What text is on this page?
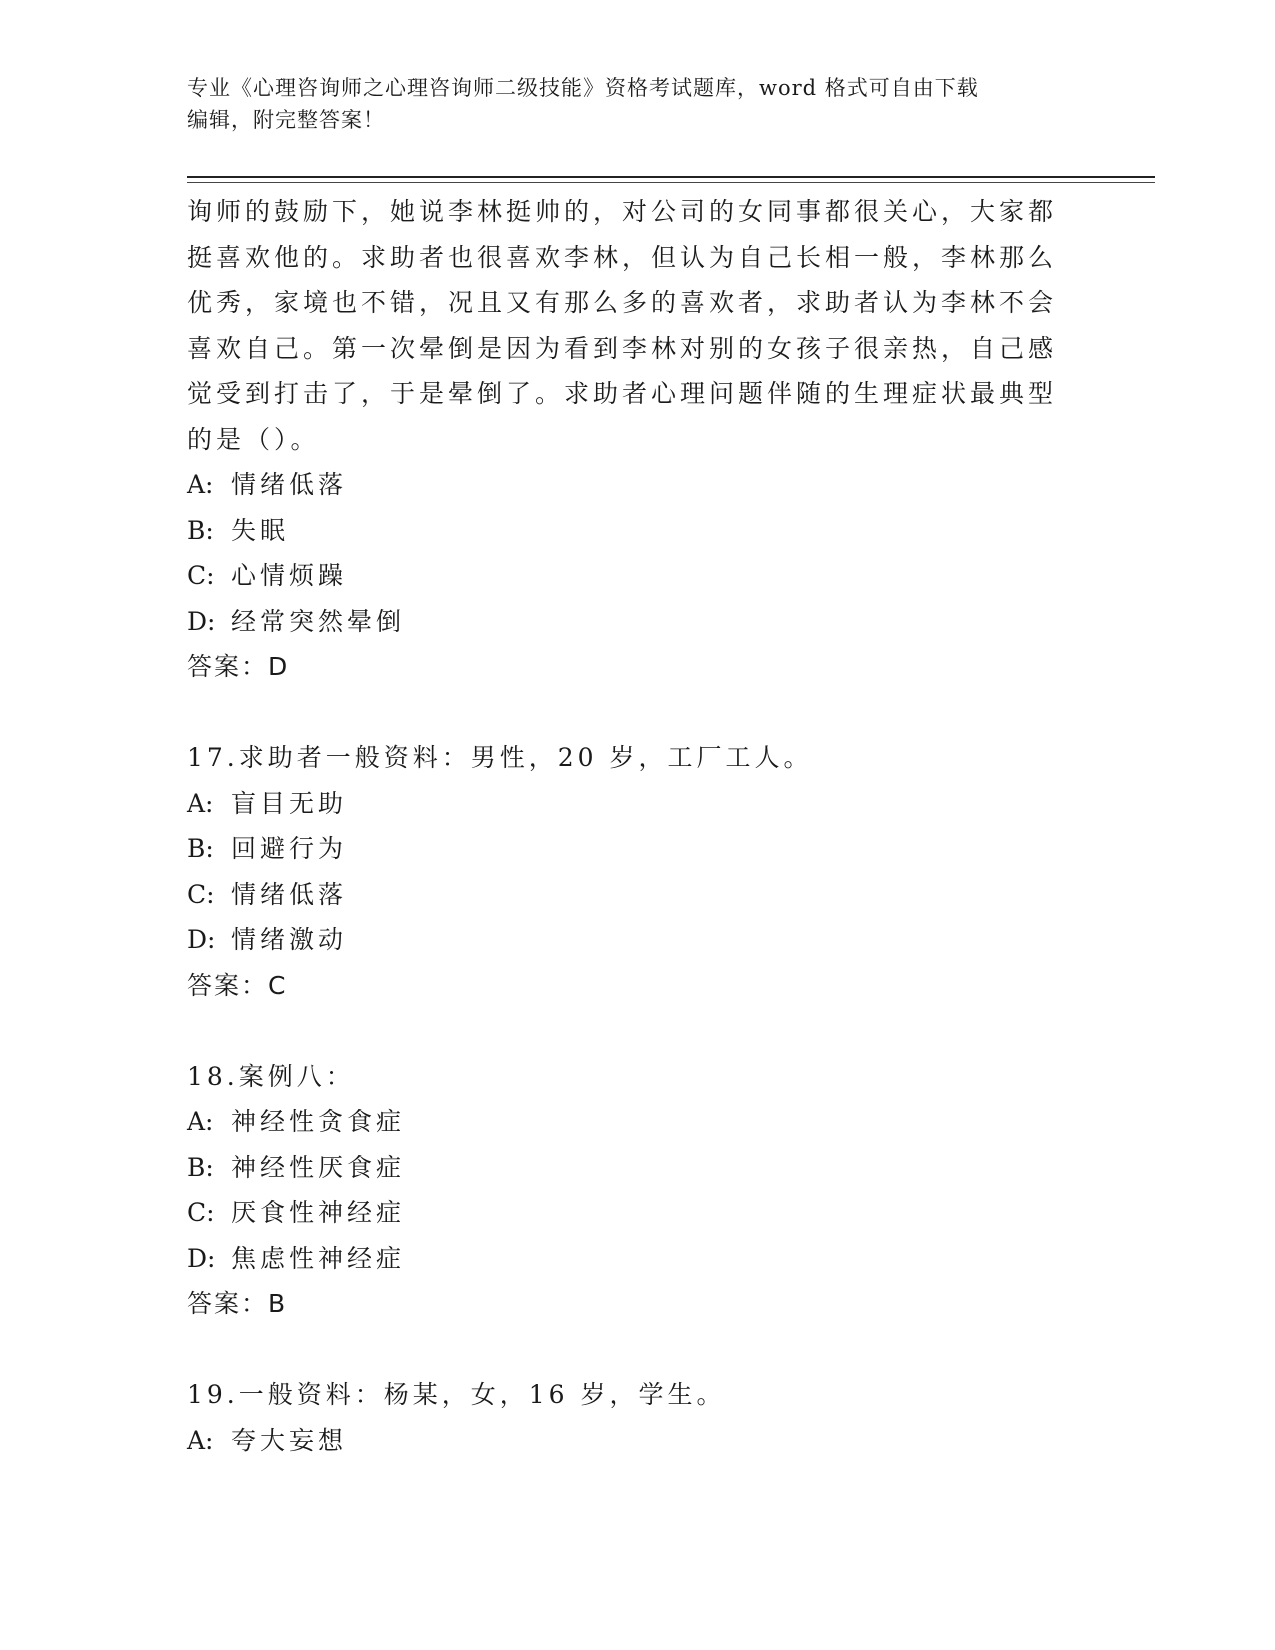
专业《心理咨询师之心理咨询师二级技能》资格考试题库，word 格式可自由下载
编辑，附完整答案！

询师的鼓励下，她说李林挺帅的，对公司的女同事都很关心，大家都

挺喜欢他的。求助者也很喜欢李林，但认为自己长相一般，李林那么

优秀，家境也不错，况且又有那么多的喜欢者，求助者认为李林不会

喜欢自己。第一次晕倒是因为看到李林对别的女孩子很亲热，自己感

觉受到打击了，于是晕倒了。求助者心理问题伴随的生理症状最典型

的是（）。

A: 情绪低落

B: 失眠

C: 心情烦躁

D: 经常突然晕倒

答案：D

17.求助者一般资料：男性，20 岁，工厂工人。

A: 盲目无助

B: 回避行为

C: 情绪低落

D: 情绪激动

答案：C

18.案例八：

A: 神经性贪食症

B: 神经性厌食症

C: 厌食性神经症

D: 焦虑性神经症

答案：B

19.一般资料：杨某，女，16 岁，学生。

A: 夸大妄想
